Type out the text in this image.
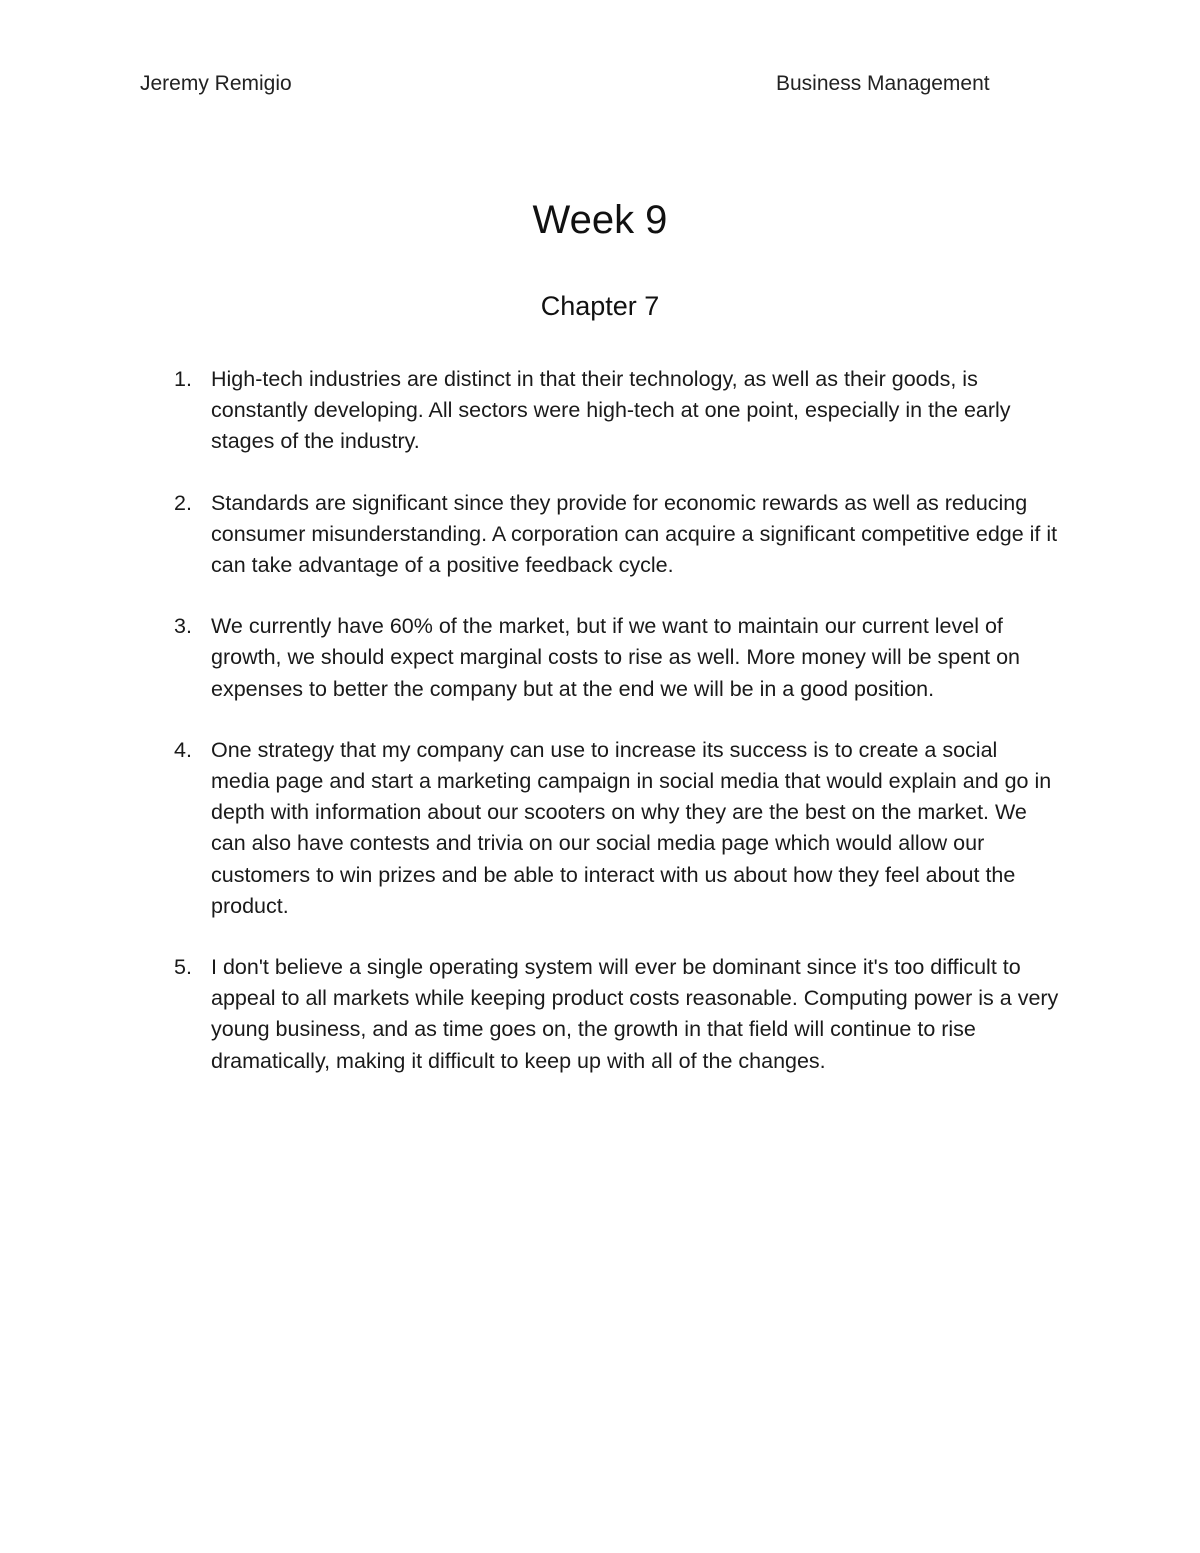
Jeremy Remigio	Business Management
Week 9
Chapter 7
1. High-tech industries are distinct in that their technology, as well as their goods, is constantly developing. All sectors were high-tech at one point, especially in the early stages of the industry.
2. Standards are significant since they provide for economic rewards as well as reducing consumer misunderstanding. A corporation can acquire a significant competitive edge if it can take advantage of a positive feedback cycle.
3. We currently have 60% of the market, but if we want to maintain our current level of growth, we should expect marginal costs to rise as well. More money will be spent on expenses to better the company but at the end we will be in a good position.
4. One strategy that my company can use to increase its success is to create a social media page and start a marketing campaign in social media that would explain and go in depth with information about our scooters on why they are the best on the market. We can also have contests and trivia on our social media page which would allow our customers to win prizes and be able to interact with us about how they feel about the product.
5. I don't believe a single operating system will ever be dominant since it's too difficult to appeal to all markets while keeping product costs reasonable. Computing power is a very young business, and as time goes on, the growth in that field will continue to rise dramatically, making it difficult to keep up with all of the changes.
